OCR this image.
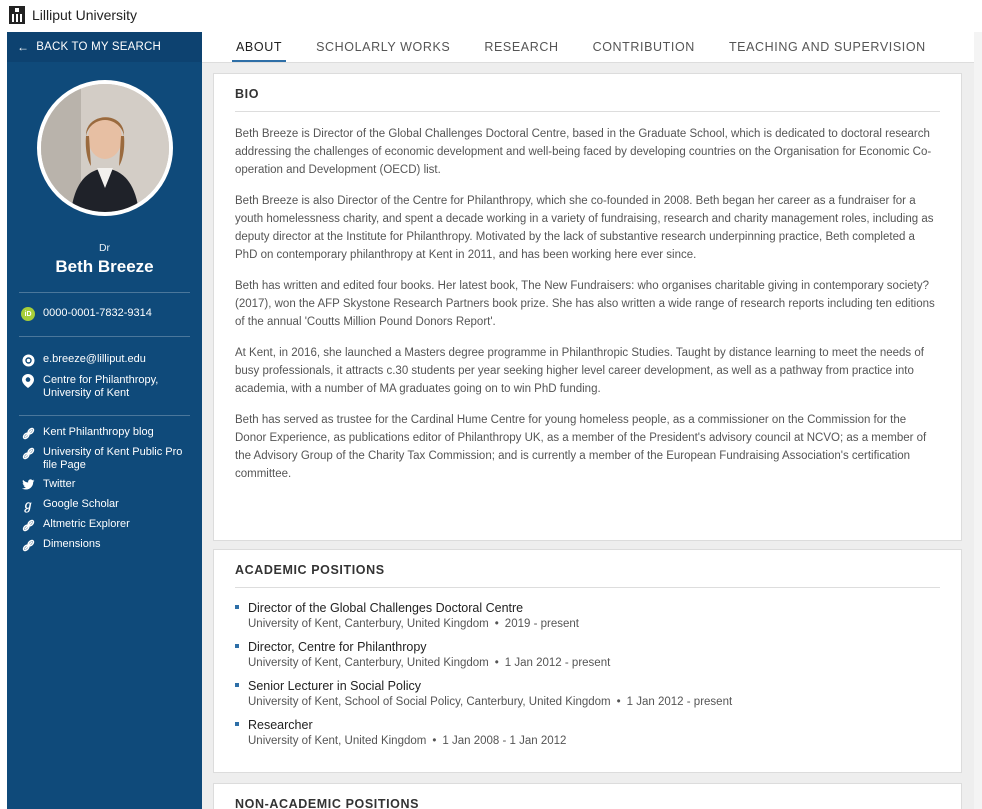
Lilliput University
← BACK TO MY SEARCH
Dr
Beth Breeze
iD	0000-0001-7832-9314
e.breeze@lilliput.edu
Centre for Philanthropy,
University of Kent
Kent Philanthropy blog
University of Kent Public Pro file Page
Twitter
ℊ Google Scholar
Altmetric Explorer
Dimensions
ABOUT	SCHOLARLY WORKS	RESEARCH	CONTRIBUTION	TEACHING AND SUPERVISION
BIO

Beth Breeze is Director of the Global Challenges Doctoral Centre, based in the Graduate School, which is dedicated to doctoral research addressing the challenges of economic development and well-being faced by developing countries on the Organisation for Economic Co-operation and Development (OECD) list.

Beth Breeze is also Director of the Centre for Philanthropy, which she co-founded in 2008. Beth began her career as a fundraiser for a youth homelessness charity, and spent a decade working in a variety of fundraising, research and charity management roles, including as deputy director at the Institute for Philanthropy. Motivated by the lack of substantive research underpinning practice, Beth completed a PhD on contemporary philanthropy at Kent in 2011, and has been working here ever since.

Beth has written and edited four books. Her latest book, The New Fundraisers: who organises charitable giving in contemporary society?(2017), won the AFP Skystone Research Partners book prize. She has also written a wide range of research reports including ten editions of the annual 'Coutts Million Pound Donors Report'.

At Kent, in 2016, she launched a Masters degree programme in Philanthropic Studies. Taught by distance learning to meet the needs of busy professionals, it attracts c.30 students per year seeking higher level career development, as well as a pathway from practice into academia, with a number of MA graduates going on to win PhD funding.

Beth has served as trustee for the Cardinal Hume Centre for young homeless people, as a commissioner on the Commission for the Donor Experience, as publications editor of Philanthropy UK, as a member of the President's advisory council at NCVO; as a member of the Advisory Group of the Charity Tax Commission; and is currently a member of the European Fundraising Association's certification committee.

ACADEMIC POSITIONS
Director of the Global Challenges Doctoral Centre
University of Kent, Canterbury, United Kingdom • 2019 - present
Director, Centre for Philanthropy
University of Kent, Canterbury, United Kingdom • 1 Jan 2012 - present
Senior Lecturer in Social Policy
University of Kent, School of Social Policy, Canterbury, United Kingdom • 1 Jan 2012 - present
Researcher
University of Kent, United Kingdom • 1 Jan 2008 - 1 Jan 2012
NON-ACADEMIC POSITIONS
